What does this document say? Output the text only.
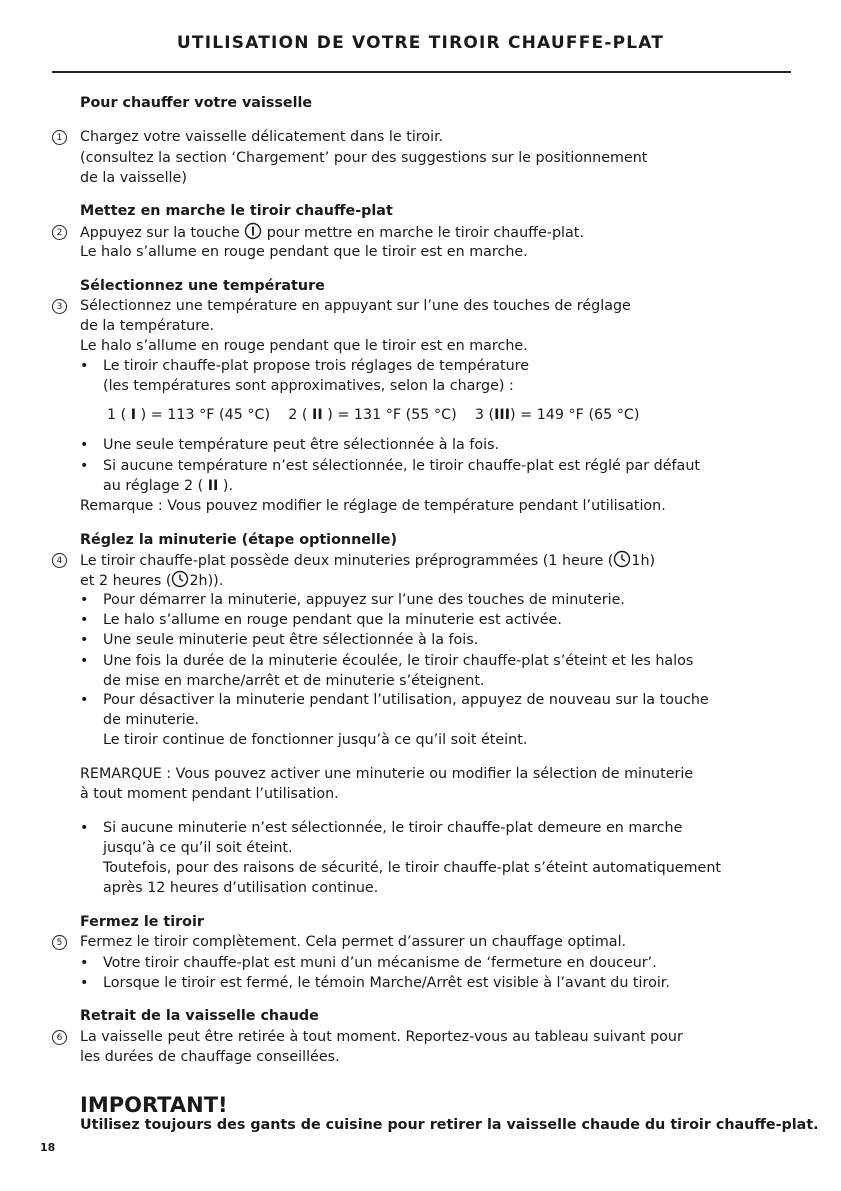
UTILISATION DE VOTRE TIROIR CHAUFFE-PLAT
Pour chauffer votre vaisselle
1	Chargez votre vaisselle délicatement dans le tiroir.
(consultez la section ‘Chargement’ pour des suggestions sur le positionnement
de la vaisselle)
Mettez en marche le tiroir chauffe-plat
2	Appuyez sur la touche pour mettre en marche le tiroir chauffe-plat.
Le halo s’allume en rouge pendant que le tiroir est en marche.
Sélectionnez une température
3	Sélectionnez une température en appuyant sur l’une des touches de réglage
de la température.
Le halo s’allume en rouge pendant que le tiroir est en marche.
• Le tiroir chauffe-plat propose trois réglages de température
(les températures sont approximatives, selon la charge) :
1 ( I ) = 113 °F (45 °C) 2 ( II ) = 131 °F (55 °C) 3 (III) = 149 °F (65 °C)
• Une seule température peut être sélectionnée à la fois.
• Si aucune température n’est sélectionnée, le tiroir chauffe-plat est réglé par défaut
au réglage 2 ( II ).
Remarque : Vous pouvez modifier le réglage de température pendant l’utilisation.
Réglez la minuterie (étape optionnelle)
4	Le tiroir chauffe-plat possède deux minuteries préprogrammées (1 heure ( 1h)
et 2 heures ( 2h)).
• Pour démarrer la minuterie, appuyez sur l’une des touches de minuterie.
• Le halo s’allume en rouge pendant que la minuterie est activée.
• Une seule minuterie peut être sélectionnée à la fois.
• Une fois la durée de la minuterie écoulée, le tiroir chauffe-plat s’éteint et les halos
de mise en marche/arrêt et de minuterie s’éteignent.
• Pour désactiver la minuterie pendant l’utilisation, appuyez de nouveau sur la touche
de minuterie.
Le tiroir continue de fonctionner jusqu’à ce qu’il soit éteint.
REMARQUE : Vous pouvez activer une minuterie ou modifier la sélection de minuterie
à tout moment pendant l’utilisation.
• Si aucune minuterie n’est sélectionnée, le tiroir chauffe-plat demeure en marche
jusqu’à ce qu’il soit éteint.
Toutefois, pour des raisons de sécurité, le tiroir chauffe-plat s’éteint automatiquement
après 12 heures d’utilisation continue.
Fermez le tiroir
5	Fermez le tiroir complètement. Cela permet d’assurer un chauffage optimal.
• Votre tiroir chauffe-plat est muni d’un mécanisme de ‘fermeture en douceur’.
• Lorsque le tiroir est fermé, le témoin Marche/Arrêt est visible à l’avant du tiroir.
Retrait de la vaisselle chaude
6	La vaisselle peut être retirée à tout moment. Reportez-vous au tableau suivant pour
les durées de chauffage conseillées.
IMPORTANT!
Utilisez toujours des gants de cuisine pour retirer la vaisselle chaude du tiroir chauffe-plat.
18
